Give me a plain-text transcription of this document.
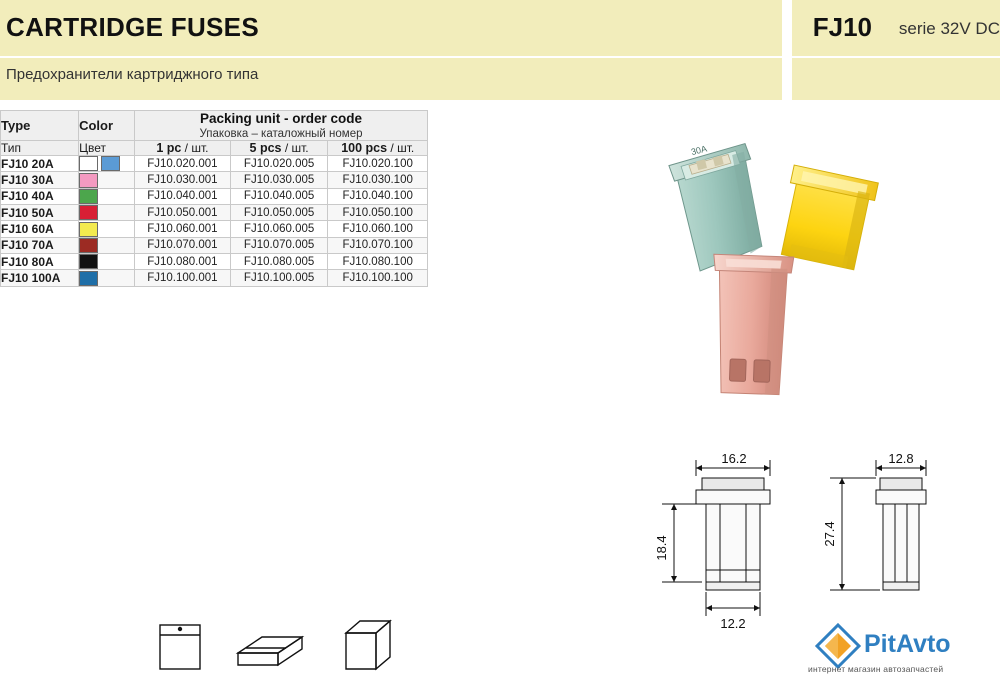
CARTRIDGE FUSES
Предохранители картриджного типа
FJ10 serie 32V DC
Type	Color	Packing unit - order code
Упаковка – каталожный номер		

Тип	Цвет	1 pc / шт.	5 pcs / шт.	100 pcs / шт.
FJ10 20A		FJ10.020.001	FJ10.020.005	FJ10.020.100
FJ10 30A		FJ10.030.001	FJ10.030.005	FJ10.030.100
FJ10 40A		FJ10.040.001	FJ10.040.005	FJ10.040.100
FJ10 50A		FJ10.050.001	FJ10.050.005	FJ10.050.100
FJ10 60A		FJ10.060.001	FJ10.060.005	FJ10.060.100
FJ10 70A		FJ10.070.001	FJ10.070.005	FJ10.070.100
FJ10 80A		FJ10.080.001	FJ10.080.005	FJ10.080.100
FJ10 100A		FJ10.100.001	FJ10.100.005	FJ10.100.100
30A
16.2
12.2
18.4
12.8
27.4
PitAvto
интернет магазин автозапчастей
